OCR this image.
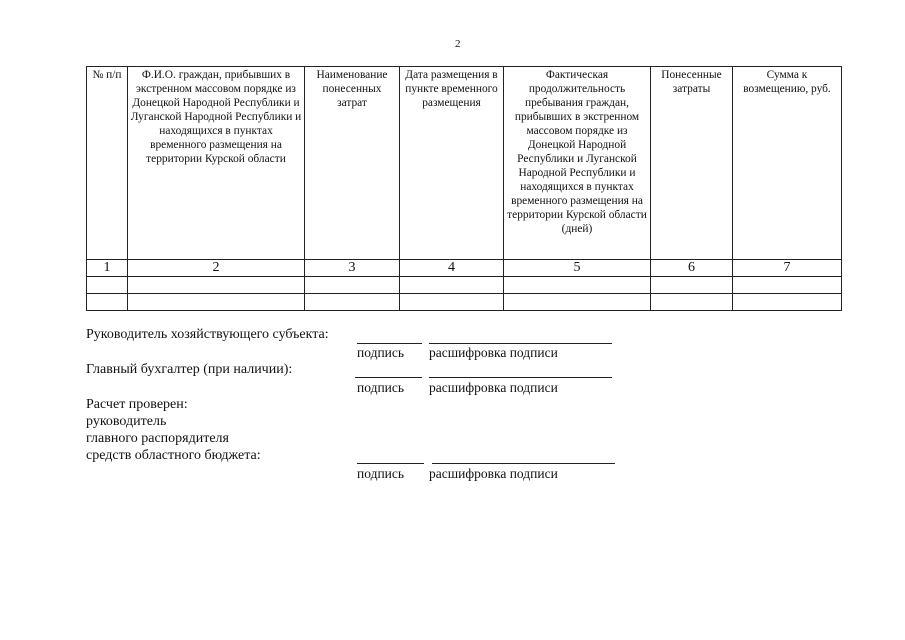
2
№ п/п	Ф.И.О. граждан, прибывших в экстренном массовом порядке из Донецкой Народной Республики и Луганской Народной Республики и находящихся в пунктах временного размещения на территории Курской области	Наименование понесенных затрат	Дата размещения в пункте временного размещения	Фактическая продолжительность пребывания граждан, прибывших в экстренном массовом порядке из Донецкой Народной Республики и Луганской Народной Республики и находящихся в пунктах временного размещения на территории Курской области (дней)	Понесенные затраты	Сумма к возмещению, руб.
1	2	3	4	5	6	7

Руководитель хозяйствующего субъекта:
подпись расшифровка подписи
Главный бухгалтер (при наличии):
подпись расшифровка подписи
Расчет проверен:
руководитель
главного распорядителя
средств областного бюджета:
подпись расшифровка подписи
